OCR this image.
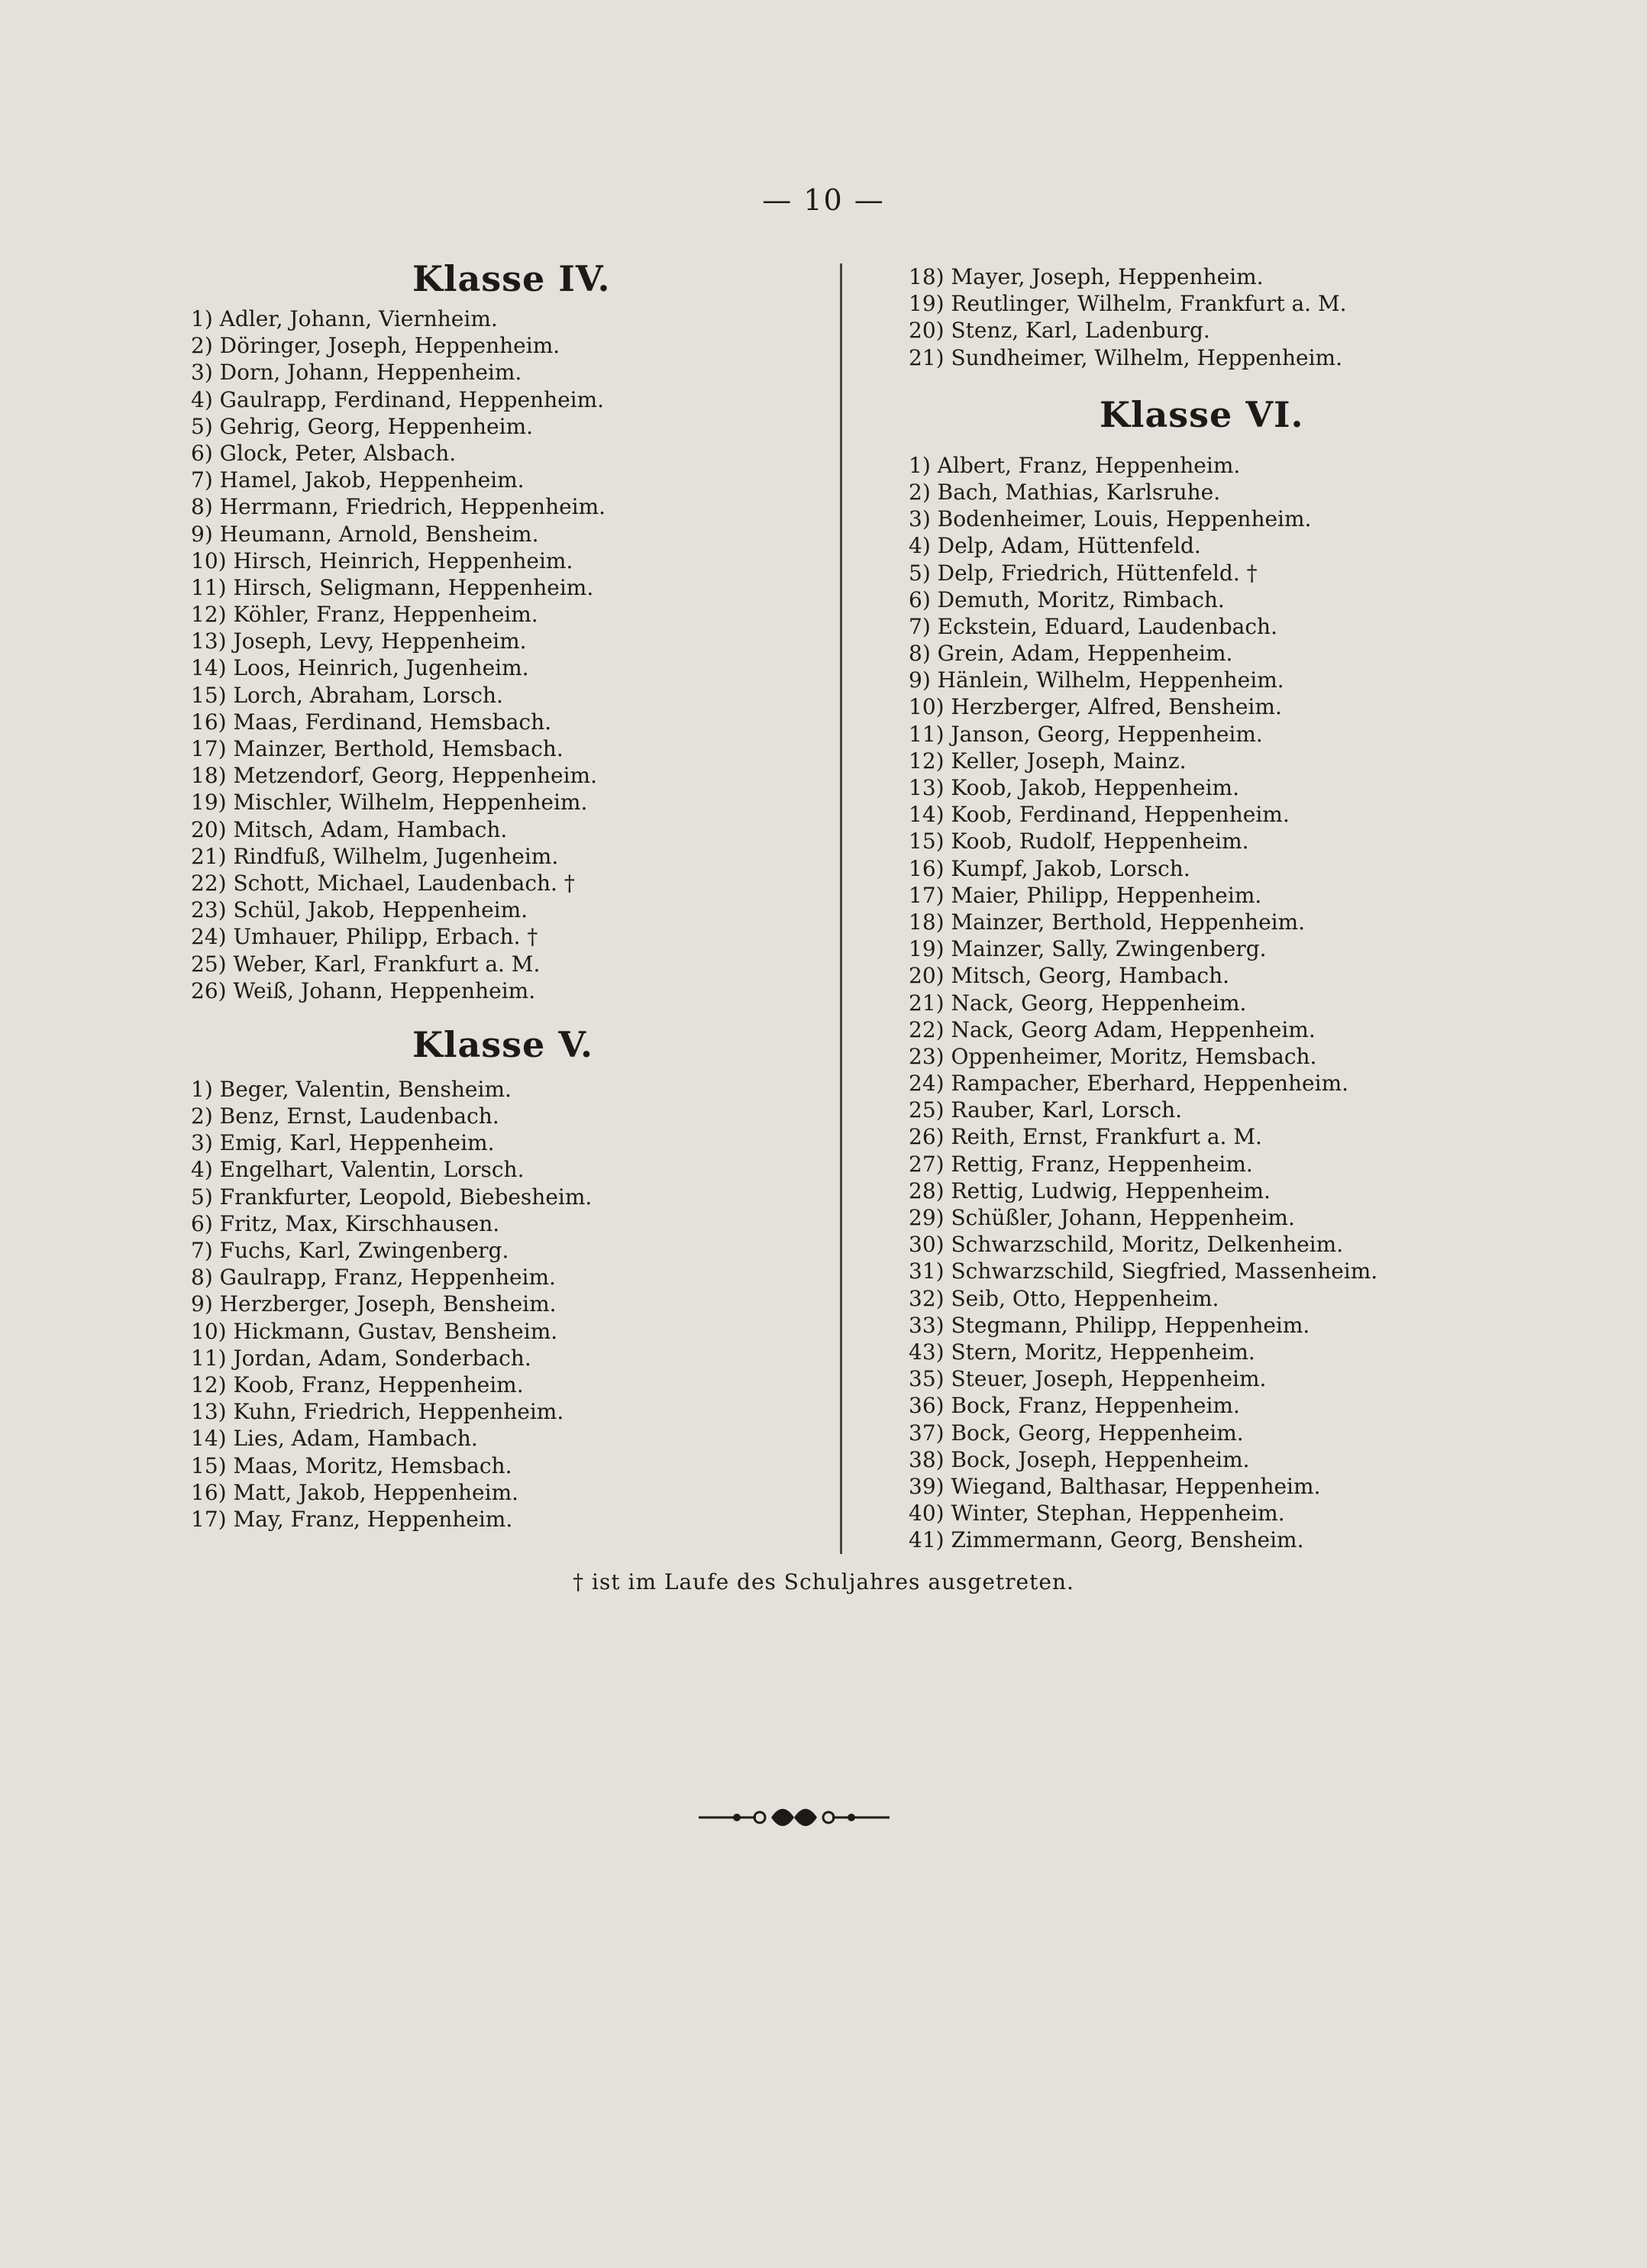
— 10 —
Klasse IV.
1) Adler, Johann, Viernheim.
2) Döringer, Joseph, Heppenheim.
3) Dorn, Johann, Heppenheim.
4) Gaulrapp, Ferdinand, Heppenheim.
5) Gehrig, Georg, Heppenheim.
6) Glock, Peter, Alsbach.
7) Hamel, Jakob, Heppenheim.
8) Herrmann, Friedrich, Heppenheim.
9) Heumann, Arnold, Bensheim.
10) Hirsch, Heinrich, Heppenheim.
11) Hirsch, Seligmann, Heppenheim.
12) Köhler, Franz, Heppenheim.
13) Joseph, Levy, Heppenheim.
14) Loos, Heinrich, Jugenheim.
15) Lorch, Abraham, Lorsch.
16) Maas, Ferdinand, Hemsbach.
17) Mainzer, Berthold, Hemsbach.
18) Metzendorf, Georg, Heppenheim.
19) Mischler, Wilhelm, Heppenheim.
20) Mitsch, Adam, Hambach.
21) Rindfuß, Wilhelm, Jugenheim.
22) Schott, Michael, Laudenbach. †
23) Schül, Jakob, Heppenheim.
24) Umhauer, Philipp, Erbach. †
25) Weber, Karl, Frankfurt a. M.
26) Weiß, Johann, Heppenheim.
Klasse V.
1) Beger, Valentin, Bensheim.
2) Benz, Ernst, Laudenbach.
3) Emig, Karl, Heppenheim.
4) Engelhart, Valentin, Lorsch.
5) Frankfurter, Leopold, Biebesheim.
6) Fritz, Max, Kirschhausen.
7) Fuchs, Karl, Zwingenberg.
8) Gaulrapp, Franz, Heppenheim.
9) Herzberger, Joseph, Bensheim.
10) Hickmann, Gustav, Bensheim.
11) Jordan, Adam, Sonderbach.
12) Koob, Franz, Heppenheim.
13) Kuhn, Friedrich, Heppenheim.
14) Lies, Adam, Hambach.
15) Maas, Moritz, Hemsbach.
16) Matt, Jakob, Heppenheim.
17) May, Franz, Heppenheim.
18) Mayer, Joseph, Heppenheim.
19) Reutlinger, Wilhelm, Frankfurt a. M.
20) Stenz, Karl, Ladenburg.
21) Sundheimer, Wilhelm, Heppenheim.
Klasse VI.
1) Albert, Franz, Heppenheim.
2) Bach, Mathias, Karlsruhe.
3) Bodenheimer, Louis, Heppenheim.
4) Delp, Adam, Hüttenfeld.
5) Delp, Friedrich, Hüttenfeld. †
6) Demuth, Moritz, Rimbach.
7) Eckstein, Eduard, Laudenbach.
8) Grein, Adam, Heppenheim.
9) Hänlein, Wilhelm, Heppenheim.
10) Herzberger, Alfred, Bensheim.
11) Janson, Georg, Heppenheim.
12) Keller, Joseph, Mainz.
13) Koob, Jakob, Heppenheim.
14) Koob, Ferdinand, Heppenheim.
15) Koob, Rudolf, Heppenheim.
16) Kumpf, Jakob, Lorsch.
17) Maier, Philipp, Heppenheim.
18) Mainzer, Berthold, Heppenheim.
19) Mainzer, Sally, Zwingenberg.
20) Mitsch, Georg, Hambach.
21) Nack, Georg, Heppenheim.
22) Nack, Georg Adam, Heppenheim.
23) Oppenheimer, Moritz, Hemsbach.
24) Rampacher, Eberhard, Heppenheim.
25) Rauber, Karl, Lorsch.
26) Reith, Ernst, Frankfurt a. M.
27) Rettig, Franz, Heppenheim.
28) Rettig, Ludwig, Heppenheim.
29) Schüßler, Johann, Heppenheim.
30) Schwarzschild, Moritz, Delkenheim.
31) Schwarzschild, Siegfried, Massenheim.
32) Seib, Otto, Heppenheim.
33) Stegmann, Philipp, Heppenheim.
43) Stern, Moritz, Heppenheim.
35) Steuer, Joseph, Heppenheim.
36) Bock, Franz, Heppenheim.
37) Bock, Georg, Heppenheim.
38) Bock, Joseph, Heppenheim.
39) Wiegand, Balthasar, Heppenheim.
40) Winter, Stephan, Heppenheim.
41) Zimmermann, Georg, Bensheim.
† ist im Laufe des Schuljahres ausgetreten.
